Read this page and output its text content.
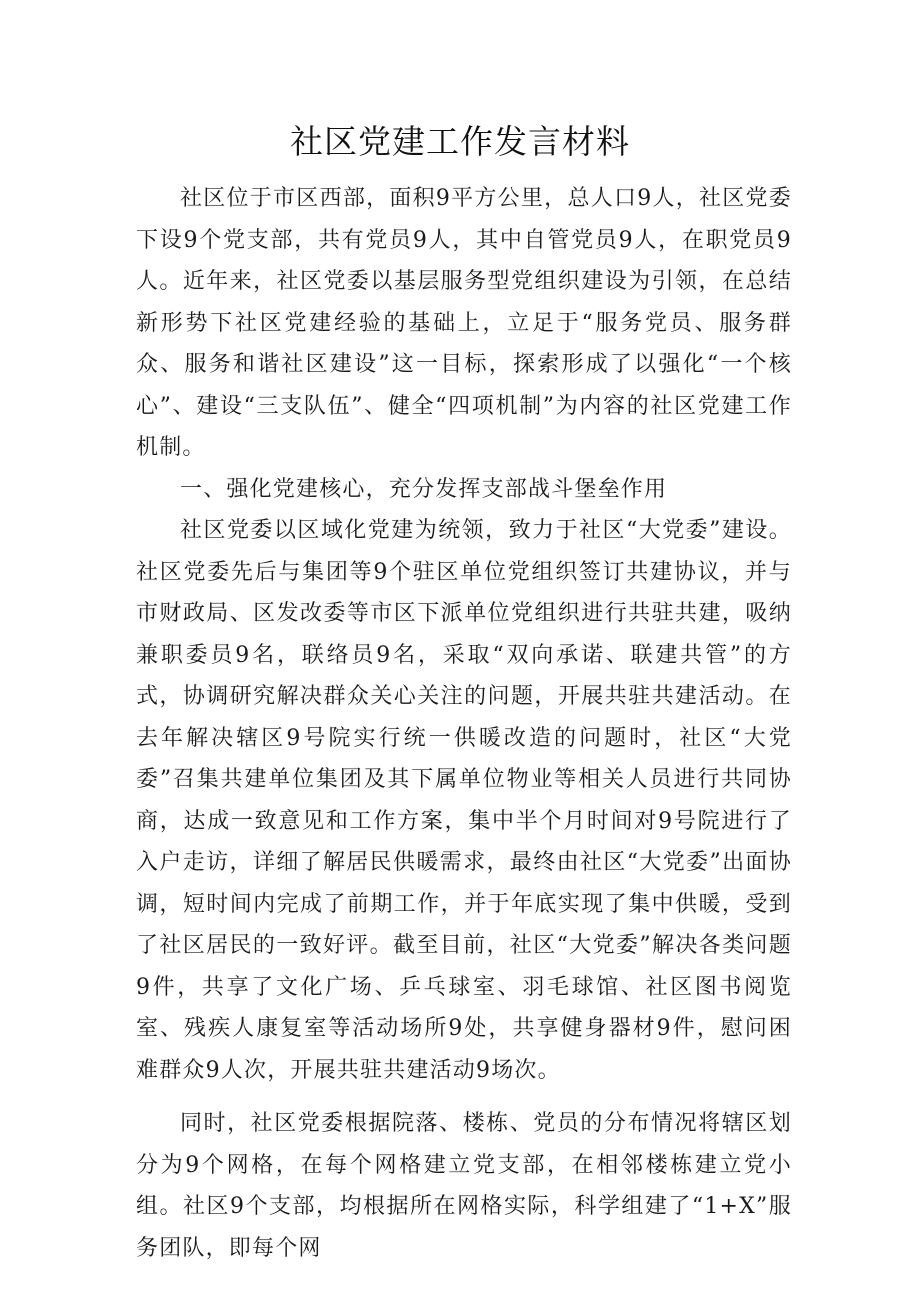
社区党建工作发言材料

社区位于市区西部，面积9平方公里，总人口9人，社区党委下设9个党支部，共有党员9人，其中自管党员9人，在职党员9人。近年来，社区党委以基层服务型党组织建设为引领，在总结新形势下社区党建经验的基础上，立足于“服务党员、服务群众、服务和谐社区建设”这一目标，探索形成了以强化“一个核心”、建设“三支队伍”、健全“四项机制”为内容的社区党建工作机制。

一、强化党建核心，充分发挥支部战斗堡垒作用

社区党委以区域化党建为统领，致力于社区“大党委”建设。社区党委先后与集团等9个驻区单位党组织签订共建协议，并与市财政局、区发改委等市区下派单位党组织进行共驻共建，吸纳兼职委员9名，联络员9名，采取“双向承诺、联建共管”的方式，协调研究解决群众关心关注的问题，开展共驻共建活动。在去年解决辖区9号院实行统一供暖改造的问题时，社区“大党委”召集共建单位集团及其下属单位物业等相关人员进行共同协商，达成一致意见和工作方案，集中半个月时间对9号院进行了入户走访，详细了解居民供暖需求，最终由社区“大党委”出面协调，短时间内完成了前期工作，并于年底实现了集中供暖，受到了社区居民的一致好评。截至目前，社区“大党委”解决各类问题9件，共享了文化广场、乒乓球室、羽毛球馆、社区图书阅览室、残疾人康复室等活动场所9处，共享健身器材9件，慰问困难群众9人次，开展共驻共建活动9场次。

同时，社区党委根据院落、楼栋、党员的分布情况将辖区划分为9个网格，在每个网格建立党支部，在相邻楼栋建立党小组。社区9个支部，均根据所在网格实际，科学组建了“1+X”服务团队，即每个网
